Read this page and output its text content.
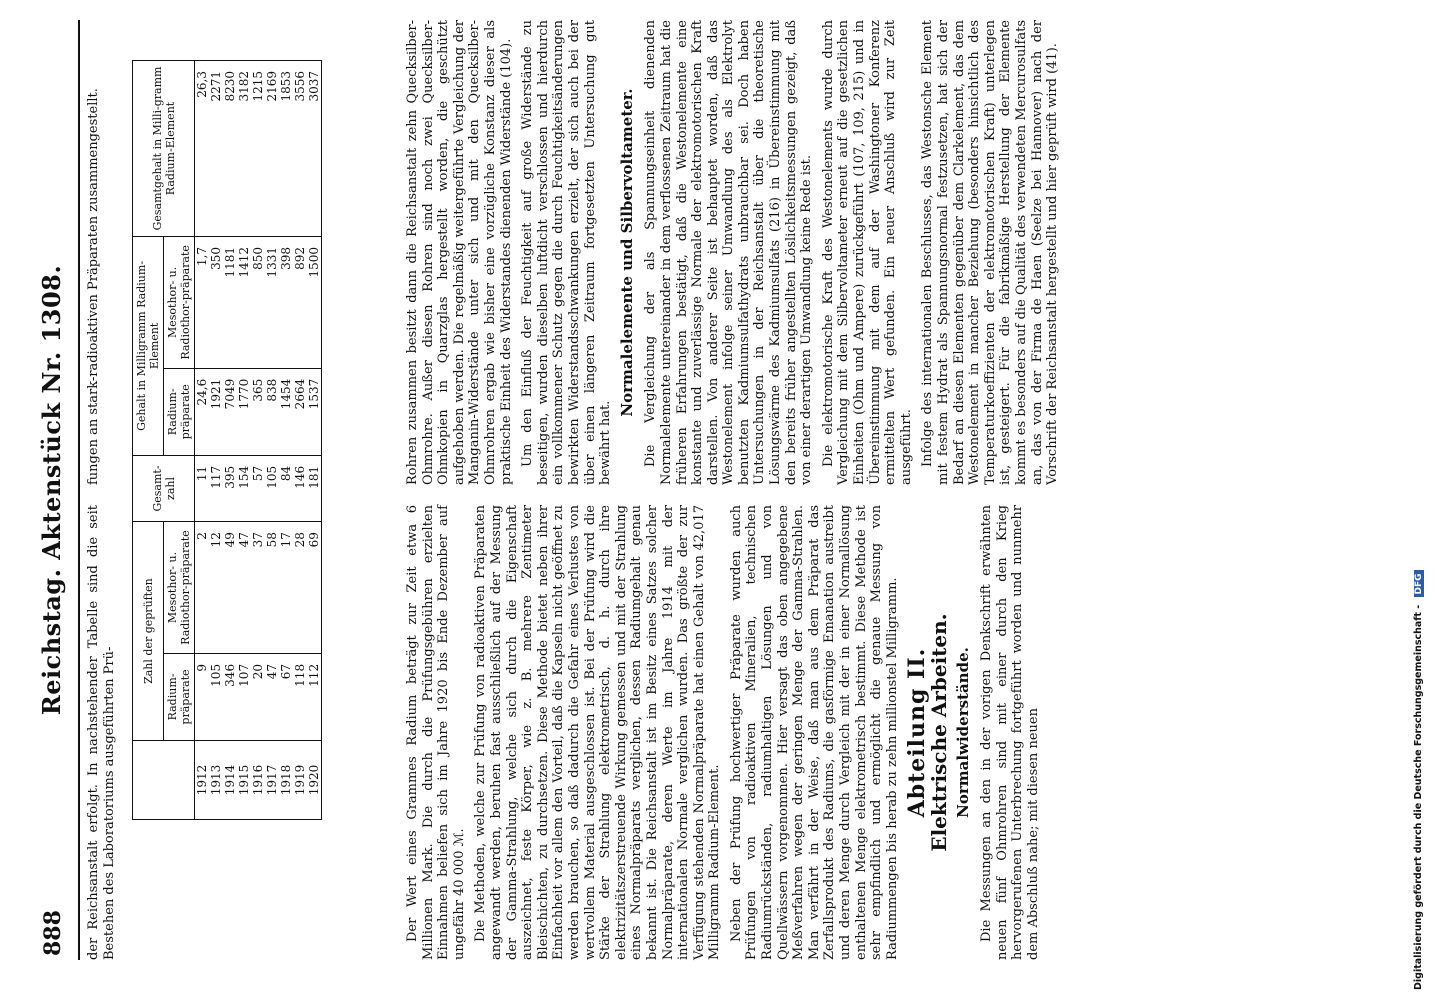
888
Reichstag. Aktenstück Nr. 1308.

der Reichsanstalt erfolgt. In nachstehender Tabelle sind die seit Bestehen des Laboratoriums ausgeführten Prü-

fungen an stark-radioaktiven Präparaten zusammengestellt.

	Zahl der geprüften		Gesamt-zahl	Gehalt in Milligramm Radium-Element		Gesamtgehalt in Milli-gramm Radium-Element
	Radium-präparate	Mesothor- u. Radiothor-präparate		Radium-präparate	Mesothor- u. Radiothor-präparate	
1912	9	2	11	24,6	1,7	26,3
1913	105	12	117	1921	350	2271
1914	346	49	395	7049	1181	8230
1915	107	47	154	1770	1412	3182
1916	20	37	57	365	850	1215
1917	47	58	105	838	1331	2169
1918	67	17	84	1454	398	1853
1919	118	28	146	2664	892	3556
1920	112	69	181	1537	1500	3037

Der Wert eines Grammes Radium beträgt zur Zeit etwa 6 Millionen Mark. Die durch die Prüfungsgebühren erzielten Einnahmen beliefen sich im Jahre 1920 bis Ende Dezember auf ungefähr 40 000 ℳ. Die Methoden, welche zur Prüfung von radioaktiven Präparaten angewandt werden, beruhen fast ausschließlich auf der Messung der Gamma-Strahlung, welche sich durch die Eigenschaft auszeichnet, feste Körper, wie z. B. mehrere Zentimeter Bleischichten, zu durchsetzen. Diese Methode bietet neben ihrer Einfachheit vor allem den Vorteil, daß die Kapseln nicht geöffnet zu werden brauchen, so daß dadurch die Gefahr eines Verlustes von wertvollem Material ausgeschlossen ist. Bei der Prüfung wird die Stärke der Strahlung elektrometrisch, d. h. durch ihre elektrizitätszerstreuende Wirkung gemessen und mit der Strahlung eines Normalpräparats verglichen, dessen Radiumgehalt genau bekannt ist. Die Reichsanstalt ist im Besitz eines Satzes solcher Normalpräparate, deren Werte im Jahre 1914 mit der internationalen Normale verglichen wurden. Das größte der zur Verfügung stehenden Normalpräparate hat einen Gehalt von 42,017 Milligramm Radium-Element. Neben der Prüfung hochwertiger Präparate wurden auch Prüfungen von radioaktiven Mineralien, technischen Radiumrückständen, radiumhaltigen Lösungen und von Quellwässern vorgenommen. Hier versagt das oben angegebene Meßverfahren wegen der geringen Menge der Gamma-Strahlen. Man verfährt in der Weise, daß man aus dem Präparat das Zerfallsprodukt des Radiums, die gasförmige Emanation austreibt und deren Menge durch Vergleich mit der in einer Normallösung enthaltenen Menge elektrometrisch bestimmt. Diese Methode ist sehr empfindlich und ermöglicht die genaue Messung von Radiummengen bis herab zu zehn millionstel Milligramm. Abteilung II.
Elektrische Arbeiten. Normalwiderstände. Die Messungen an den in der vorigen Denkschrift erwähnten neuen fünf Ohmrohren sind mit einer durch den Krieg hervorgerufenen Unterbrechung fortgeführt worden und nunmehr dem Abschluß nahe; mit diesen neuen

Rohren zusammen besitzt dann die Reichsanstalt zehn Quecksilber-Ohmrohre. Außer diesen Rohren sind noch zwei Quecksilber-Ohmkopien in Quarzglas hergestellt worden, die geschützt aufgehoben werden. Die regelmäßig weitergeführte Vergleichung der Manganin-Widerstände unter sich und mit den Quecksilber-Ohmrohren ergab wie bisher eine vorzügliche Konstanz dieser als praktische Einheit des Widerstandes dienenden Widerstände (104). Um den Einfluß der Feuchtigkeit auf große Widerstände zu beseitigen, wurden dieselben luftdicht verschlossen und hierdurch ein vollkommener Schutz gegen die durch Feuchtigkeitsänderungen bewirkten Widerstandsschwankungen erzielt, der sich auch bei der über einen längeren Zeitraum fortgesetzten Untersuchung gut bewährt hat.

Normalelemente und Silbervoltameter. Die Vergleichung der als Spannungseinheit dienenden Normalelemente untereinander in dem verflossenen Zeitraum hat die früheren Erfahrungen bestätigt, daß die Westonelemente eine konstante und zuverlässige Normale der elektromotorischen Kraft darstellen. Von anderer Seite ist behauptet worden, daß das Westonelement infolge seiner Umwandlung des als Elektrolyt benutzten Kadmiumsulfathydrats unbrauchbar sei. Doch haben Untersuchungen in der Reichsanstalt über die theoretische Lösungswärme des Kadmiumsulfats (216) in Übereinstimmung mit den bereits früher angestellten Löslichkeitsmessungen gezeigt, daß von einer derartigen Umwandlung keine Rede ist. Die elektromotorische Kraft des Westonelements wurde durch Vergleichung mit dem Silbervoltameter erneut auf die gesetzlichen Einheiten (Ohm und Ampere) zurückgeführt (107, 109, 215) und in Übereinstimmung mit dem auf der Washingtoner Konferenz ermittelten Wert gefunden. Ein neuer Anschluß wird zur Zeit ausgeführt. Infolge des internationalen Beschlusses, das Westonsche Element mit festem Hydrat als Spannungsnormal festzusetzen, hat sich der Bedarf an diesen Elementen gegenüber dem Clarkelement, das dem Westonelement in mancher Beziehung (besonders hinsichtlich des Temperaturkoeffizienten der elektromotorischen Kraft) unterlegen ist, gesteigert. Für die fabrikmäßige Herstellung der Elemente kommt es besonders auf die Qualität des verwendeten Mercurosulfats an, das von der Firma de Haen (Seelze bei Hannover) nach der Vorschrift der Reichsanstalt hergestellt und hier geprüft wird (41).

Digitalisierung gefördert durch die Deutsche Forschungsgemeinschaft - DFG
